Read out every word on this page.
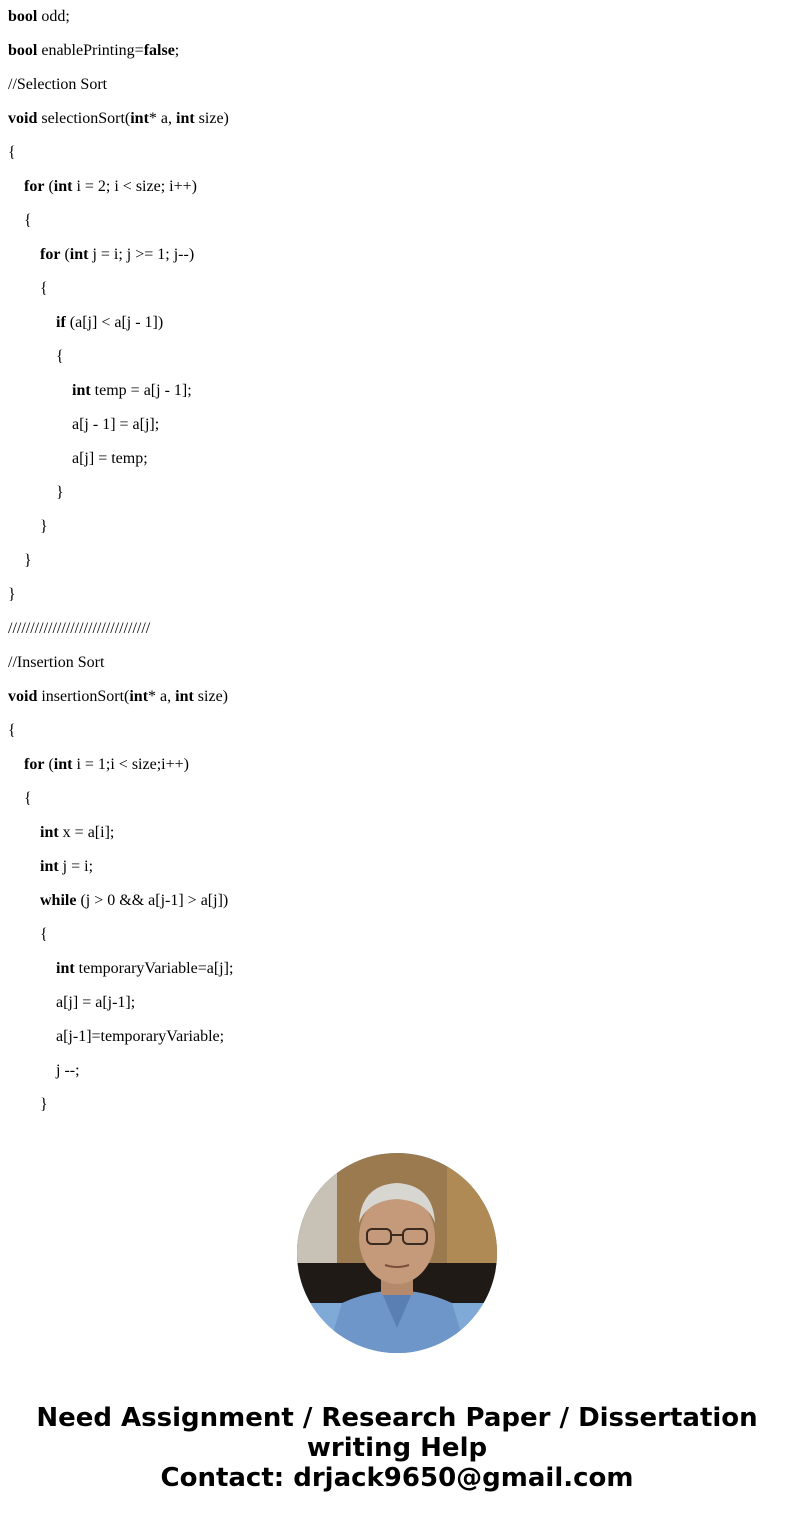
bool odd;
bool enablePrinting=false;
//Selection Sort
void selectionSort(int* a, int size)
{
for (int i = 2; i < size; i++)
{
for (int j = i; j >= 1; j--)
{
if (a[j] < a[j - 1])
{
int temp = a[j - 1];
a[j - 1] = a[j];
a[j] = temp;
}
}
}
}
////////////////////////////////
//Insertion Sort
void insertionSort(int* a, int size)
{
for (int i = 1;i < size;i++)
{
int x = a[i];
int j = i;
while (j > 0 && a[j-1] > a[j])
{
int temporaryVariable=a[j];
a[j] = a[j-1];
a[j-1]=temporaryVariable;
j --;
}
Need Assignment / Research Paper / Dissertation
writing Help
Contact: drjack9650@gmail.com
